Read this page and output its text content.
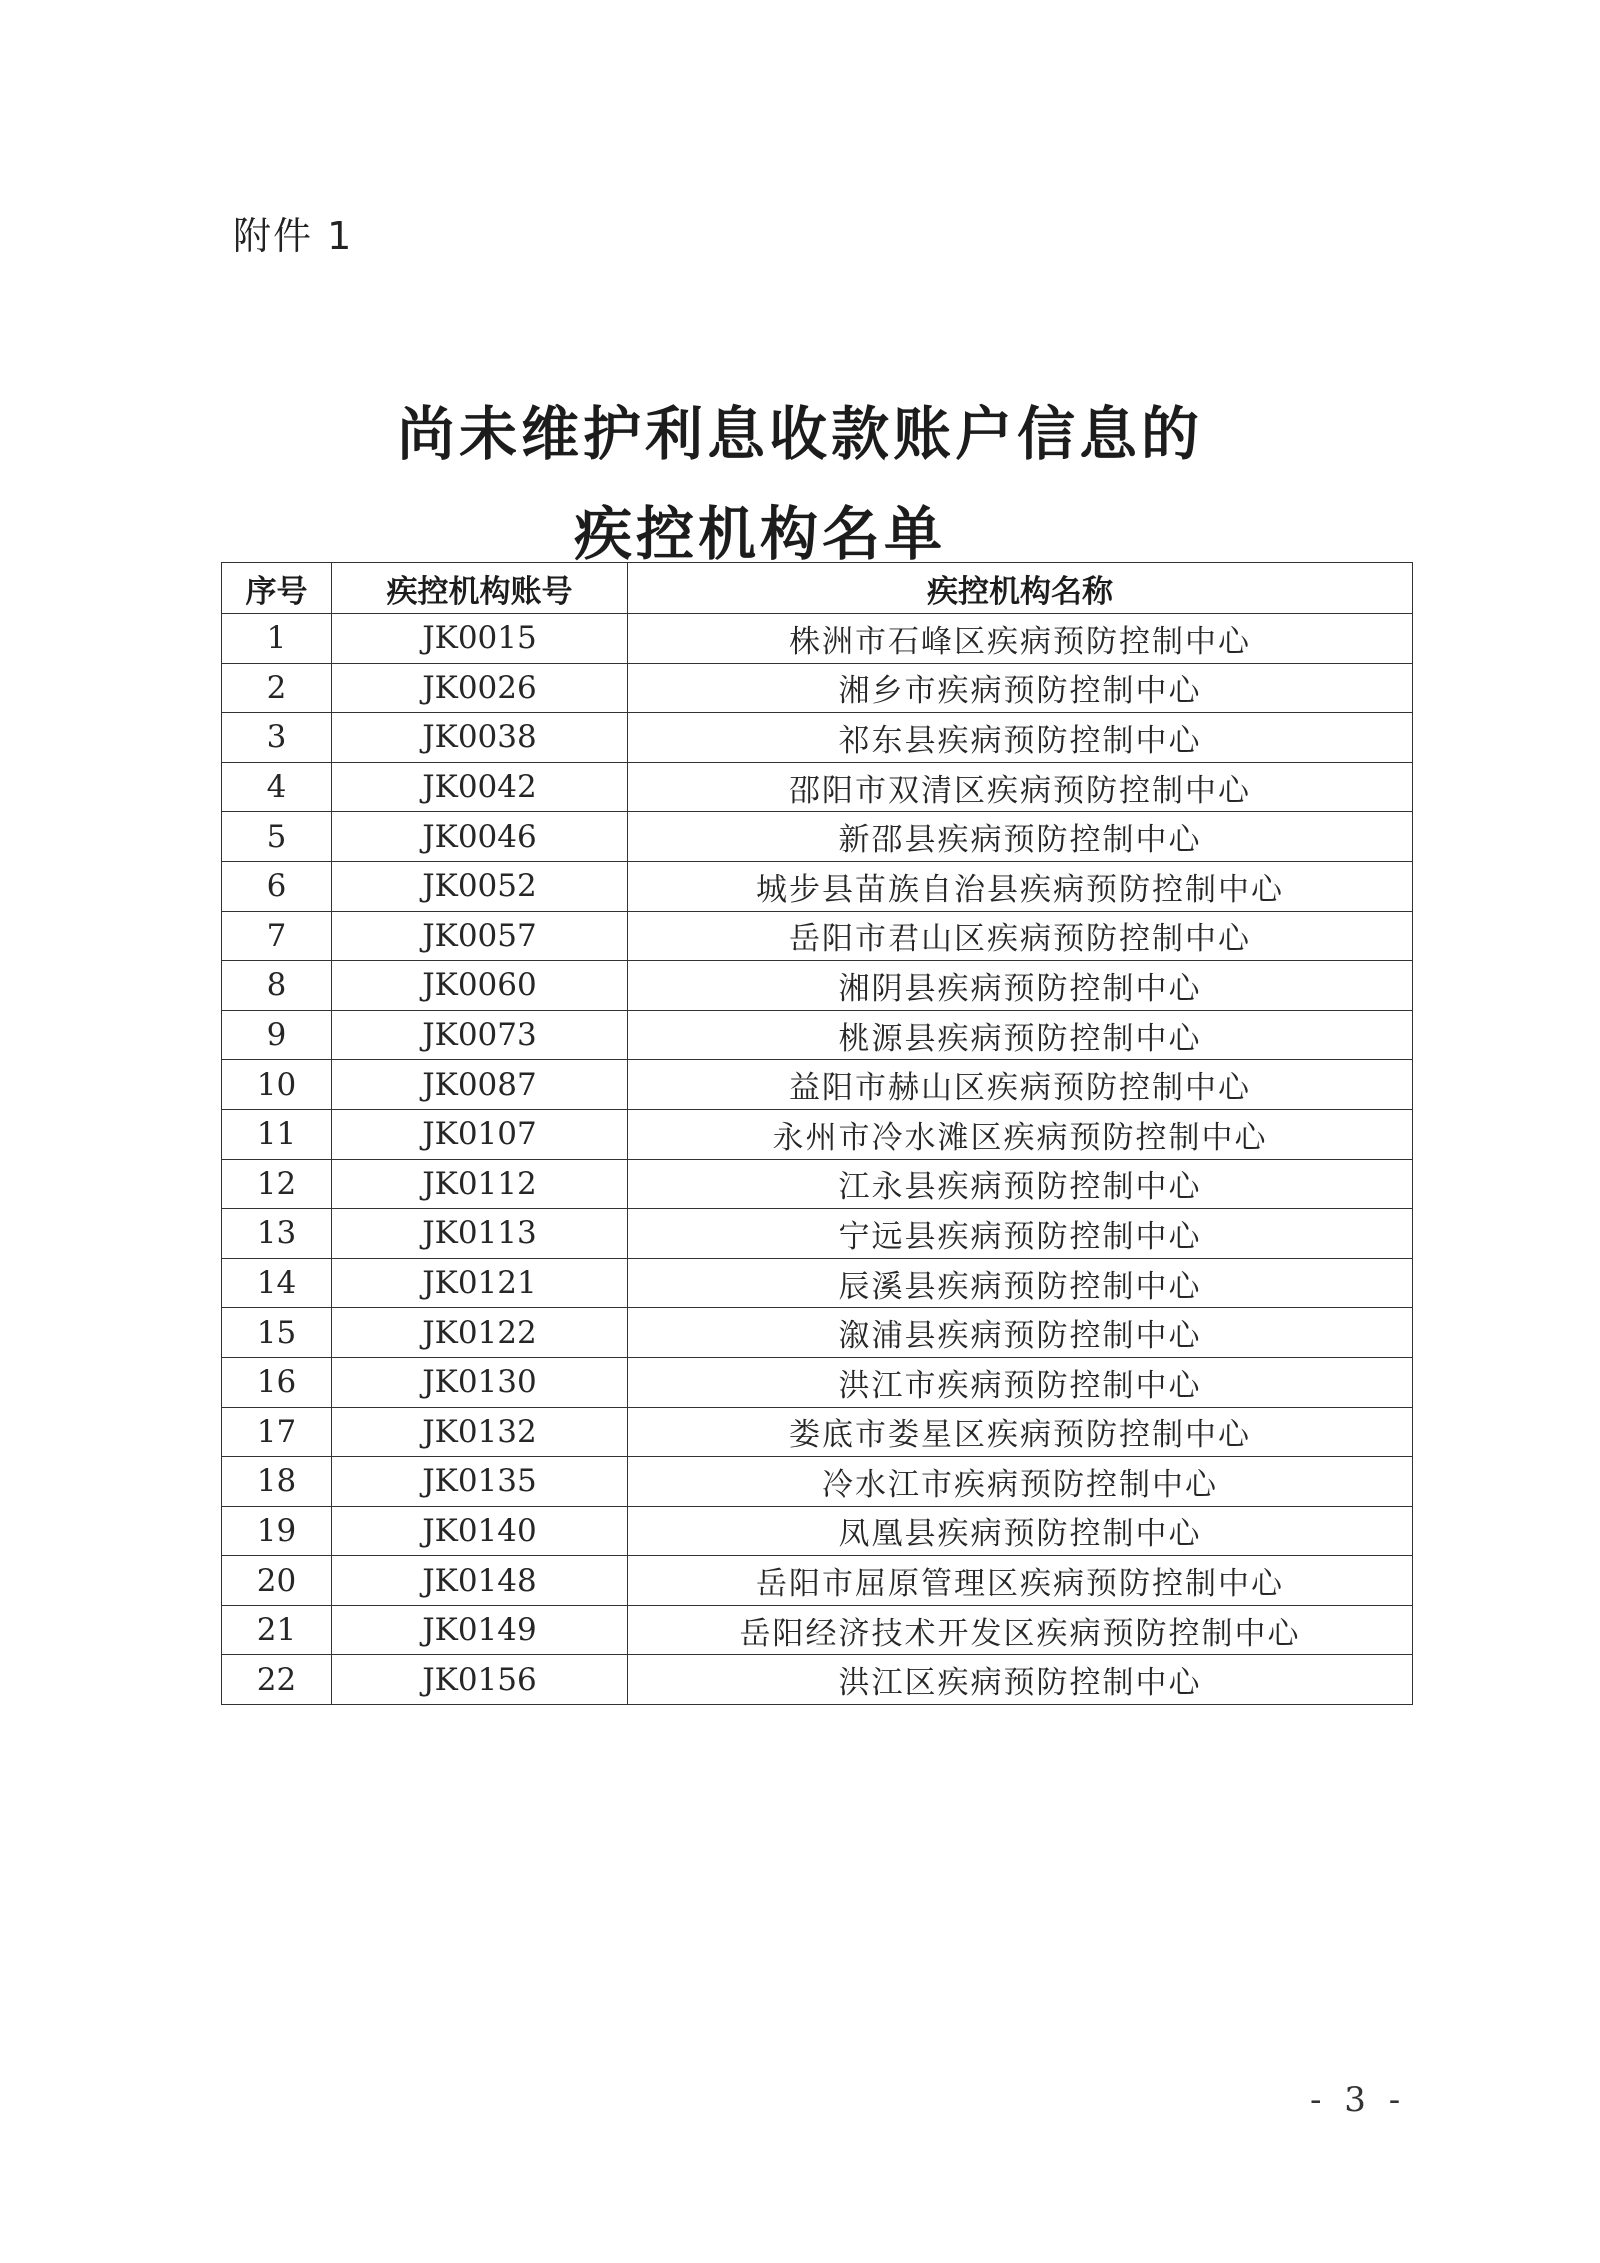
附件 1
尚未维护利息收款账户信息的
疾控机构名单
序号	疾控机构账号	疾控机构名称
1	JK0015	株洲市石峰区疾病预防控制中心
2	JK0026	湘乡市疾病预防控制中心
3	JK0038	祁东县疾病预防控制中心
4	JK0042	邵阳市双清区疾病预防控制中心
5	JK0046	新邵县疾病预防控制中心
6	JK0052	城步县苗族自治县疾病预防控制中心
7	JK0057	岳阳市君山区疾病预防控制中心
8	JK0060	湘阴县疾病预防控制中心
9	JK0073	桃源县疾病预防控制中心
10	JK0087	益阳市赫山区疾病预防控制中心
11	JK0107	永州市冷水滩区疾病预防控制中心
12	JK0112	江永县疾病预防控制中心
13	JK0113	宁远县疾病预防控制中心
14	JK0121	辰溪县疾病预防控制中心
15	JK0122	溆浦县疾病预防控制中心
16	JK0130	洪江市疾病预防控制中心
17	JK0132	娄底市娄星区疾病预防控制中心
18	JK0135	冷水江市疾病预防控制中心
19	JK0140	凤凰县疾病预防控制中心
20	JK0148	岳阳市屈原管理区疾病预防控制中心
21	JK0149	岳阳经济技术开发区疾病预防控制中心
22	JK0156	洪江区疾病预防控制中心
- 3 -
